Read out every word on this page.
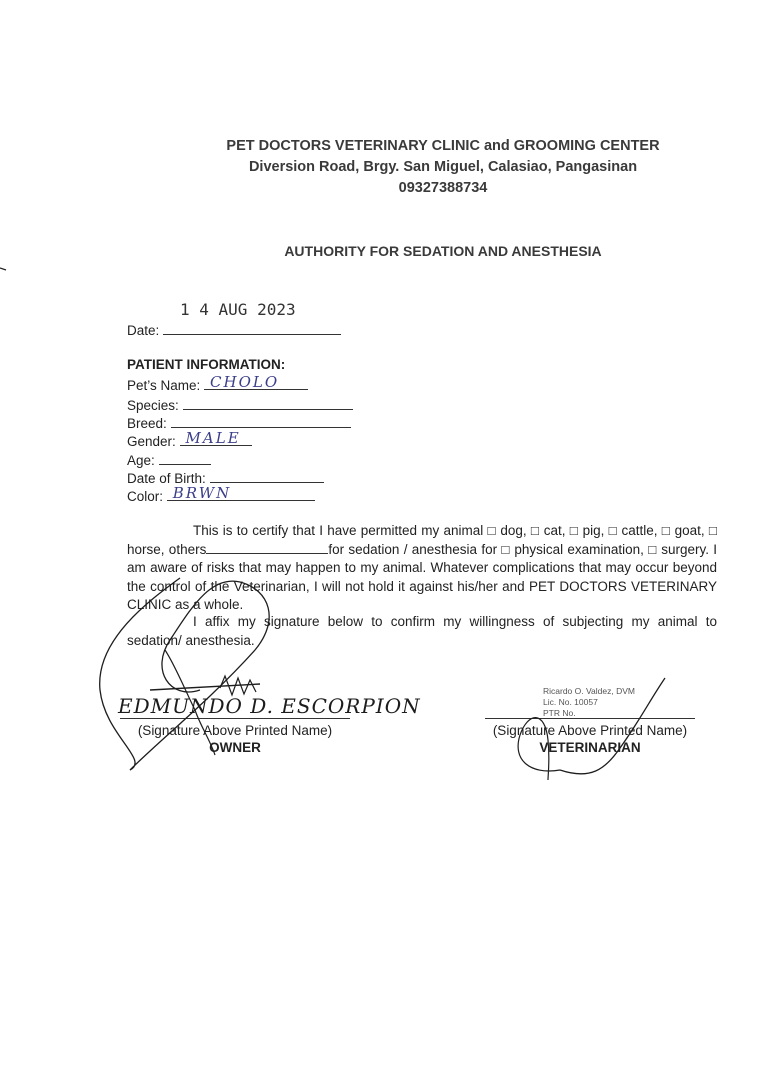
PET DOCTORS VETERINARY CLINIC and GROOMING CENTER
Diversion Road, Brgy. San Miguel, Calasiao, Pangasinan
09327388734
AUTHORITY FOR SEDATION AND ANESTHESIA
1 4 AUG 2023
Date:
PATIENT INFORMATION:
Pet’s Name: CHOLO
Species:
Breed:
Gender: MALE
Age:
Date of Birth:
Color: BRWN
This is to certify that I have permitted my animal □ dog, □ cat, □ pig, □ cattle, □ goat, □ horse, others	for sedation / anesthesia for □ physical examination, □ surgery. I am aware of risks that may happen to my animal. Whatever complications that may occur beyond the control of the Veterinarian, I will not hold it against his/her and PET DOCTORS VETERINARY CLINIC as a whole.
I affix my signature below to confirm my willingness of subjecting my animal to sedation/ anesthesia.
EDMUNDO D. ESCORPION
Ricardo O. Valdez, DVM
Lic. No. 10057
PTR No.
(Signature Above Printed Name)
OWNER
(Signature Above Printed Name)
VETERINARIAN
